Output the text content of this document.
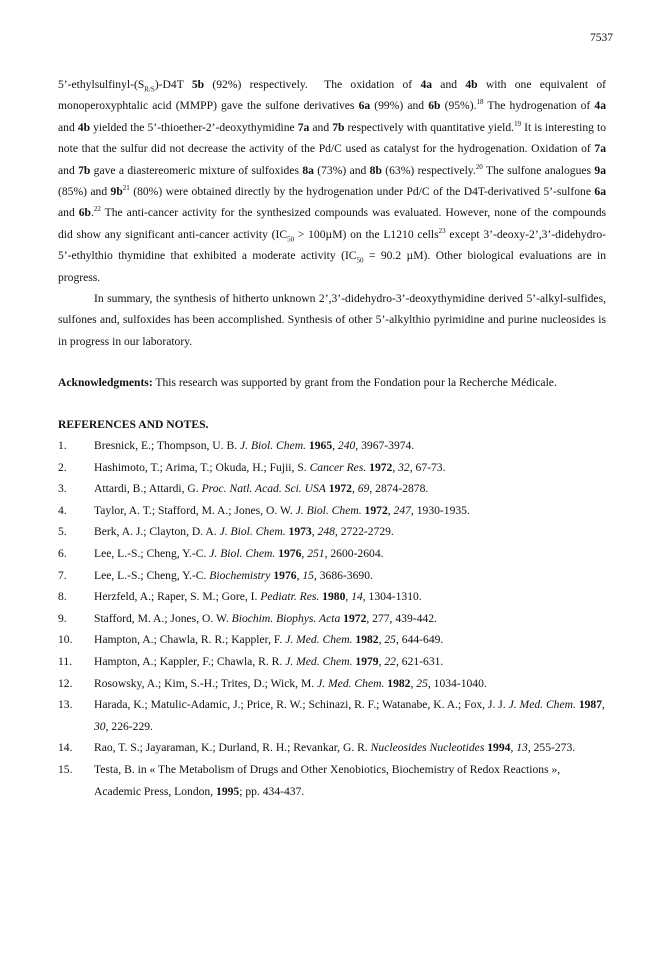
7537

$5’-ethylsulfinyl-(S_{R/S})-D4T$ 5b (92%) respectively.  The oxidation of 4a and 4b with one equivalent of monoperoxyphtalic acid (MMPP) gave the sulfone derivatives 6a (99%) and 6b (95%).$^{18}$ The hydrogenation of 4a and 4b yielded the 5’-thioether-2’-deoxythymidine 7a and 7b respectively with quantitative yield.$^{19}$ It is interesting to note that the sulfur did not decrease the activity of the Pd/C used as catalyst for the hydrogenation. Oxidation of 7a and 7b gave a diastereomeric mixture of sulfoxides 8a (73%) and 8b (63%) respectively.$^{20}$ The sulfone analogues 9a (85%) and $9b^{21}$ (80%) were obtained directly by the hydrogenation under Pd/C of the D4T-derivatived 5’-sulfone 6a and 6b.$^{22}$ The anti-cancer activity for the synthesized compounds was evaluated. However, none of the compounds did show any significant anti-cancer activity $(IC_{50} > 100\mu M)$ on the L1210 cells$^{23}$ except 3’-deoxy-2’,3’-didehydro-5’-ethylthio thymidine that exhibited a moderate activity ($IC_{50} = 90.2$ µM). Other biological evaluations are in progress.

In summary, the synthesis of hitherto unknown 2’,3’-didehydro-3’-deoxythymidine derived 5’-alkyl-sulfides, sulfones and, sulfoxides has been accomplished. Synthesis of other 5’-alkylthio pyrimidine and purine nucleosides is in progress in our laboratory.

Acknowledgments: This research was supported by grant from the Fondation pour la Recherche Médicale.
REFERENCES AND NOTES.
1.	Bresnick, E.; Thompson, U. B. J. Biol. Chem. 1965, 240, 3967-3974.
2.	Hashimoto, T.; Arima, T.; Okuda, H.; Fujii, S. Cancer Res. 1972, 32, 67-73.
3.	Attardi, B.; Attardi, G. Proc. Natl. Acad. Sci. USA 1972, 69, 2874-2878.
4.	Taylor, A. T.; Stafford, M. A.; Jones, O. W. J. Biol. Chem. 1972, 247, 1930-1935.
5.	Berk, A. J.; Clayton, D. A. J. Biol. Chem. 1973, 248, 2722-2729.
6.	Lee, L.-S.; Cheng, Y.-C. J. Biol. Chem. 1976, 251, 2600-2604.
7.	Lee, L.-S.; Cheng, Y.-C. Biochemistry 1976, 15, 3686-3690.
8.	Herzfeld, A.; Raper, S. M.; Gore, I. Pediatr. Res. 1980, 14, 1304-1310.
9.	Stafford, M. A.; Jones, O. W. Biochim. Biophys. Acta 1972, 277, 439-442.
10.	Hampton, A.; Chawla, R. R.; Kappler, F. J. Med. Chem. 1982, 25, 644-649.
11.	Hampton, A.; Kappler, F.; Chawla, R. R. J. Med. Chem. 1979, 22, 621-631.
12.	Rosowsky, A.; Kim, S.-H.; Trites, D.; Wick, M. J. Med. Chem. 1982, 25, 1034-1040.
13.	Harada, K.; Matulic-Adamic, J.; Price, R. W.; Schinazi, R. F.; Watanabe, K. A.; Fox, J. J. J. Med. Chem. 1987, 30, 226-229.
14.	Rao, T. S.; Jayaraman, K.; Durland, R. H.; Revankar, G. R. Nucleosides Nucleotides 1994, 13, 255-273.
15.	Testa, B. in « The Metabolism of Drugs and Other Xenobiotics, Biochemistry of Redox Reactions », Academic Press, London, 1995; pp. 434-437.
